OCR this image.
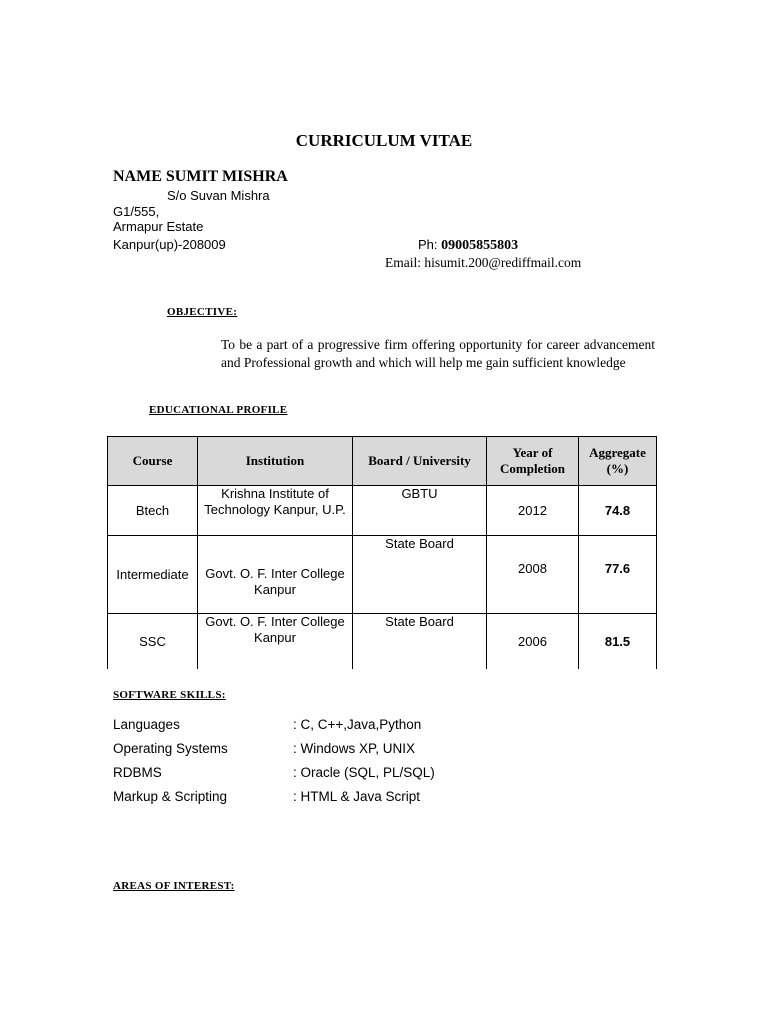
CURRICULUM VITAE
NAME SUMIT MISHRA
S/o Suvan Mishra
G1/555,
Armapur Estate
Kanpur(up)-208009	Ph: 09005855803
Email: hisumit.200@rediffmail.com
OBJECTIVE:
To be a part of a progressive firm offering opportunity for career advancement and Professional growth and which will help me gain sufficient knowledge
EDUCATIONAL PROFILE
Course	Institution	Board / University	Year of Completion	Aggregate (%)
Btech	Krishna Institute of Technology Kanpur, U.P.	GBTU	2012	74.8
Intermediate	Govt. O. F. Inter College Kanpur	State Board	2008	77.6
SSC	Govt. O. F. Inter College Kanpur	State Board	2006	81.5
SOFTWARE SKILLS:
Languages	: C, C++,Java,Python
Operating Systems	: Windows XP, UNIX
RDBMS	: Oracle (SQL, PL/SQL)
Markup & Scripting	: HTML & Java Script
AREAS OF INTEREST:
